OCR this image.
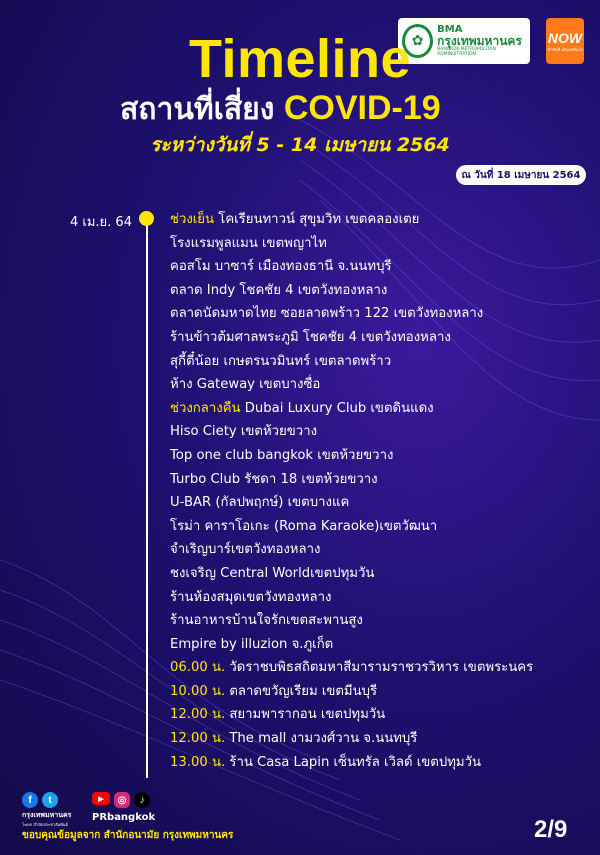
✿
BMA
กรุงเทพมหานคร
BANGKOK METROPOLITAN ADMINISTRATION
NOW
ทำทันที เห็นผลทันใจ
Timeline
สถานที่เสี่ยง COVID-19
ระหว่างวันที่ 5 - 14 เมษายน 2564
ณ วันที่ 18 เมษายน 2564
4 เม.ย. 64	ช่วงเย็น โคเรียนทาวน์ สุขุมวิท เขตคลองเตย
โรงแรมพูลแมน เขตพญาไท
คอสโม บาซาร์ เมืองทองธานี จ.นนทบุรี
ตลาด Indy โชคชัย 4 เขตวังทองหลาง
ตลาดนัดมหาดไทย ซอยลาดพร้าว 122 เขตวังทองหลาง
ร้านข้าวต้มศาลพระภูมิ โชคชัย 4 เขตวังทองหลาง
สุกี้ตี๋น้อย เกษตรนวมินทร์ เขตลาดพร้าว
ห้าง Gateway เขตบางซื่อ
ช่วงกลางคืน Dubai Luxury Club เขตดินแดง
Hiso Ciety เขตห้วยขวาง
Top one club bangkok เขตห้วยขวาง
Turbo Club รัชดา 18 เขตห้วยขวาง
U-BAR (กัลปพฤกษ์) เขตบางแค
โรม่า คาราโอเกะ (Roma Karaoke)เขตวัฒนา
จำเริญบาร์เขตวังทองหลาง
ชงเจริญ Central Worldเขตปทุมวัน
ร้านห้องสมุดเขตวังทองหลาง
ร้านอาหารบ้านใจรักเขตสะพานสูง
Empire by illuzion จ.ภูเก็ต
06.00 น. วัดราชบพิธสถิตมหาสีมารามราชวรวิหาร เขตพระนคร
10.00 น. ตลาดขวัญเรียม เขตมีนบุรี
12.00 น. สยามพารากอน เขตปทุมวัน
12.00 น. The mall งามวงศ์วาน จ.นนทบุรี
13.00 น. ร้าน Casa Lapin เซ็นทรัล เวิลด์ เขตปทุมวัน
f	t
กรุงเทพมหานคร
โฆษก สำนักประชาสัมพันธ์
▶	◎	♪
PRbangkok
ขอบคุณข้อมูลจาก สำนักอนามัย กรุงเทพมหานคร	2/9
